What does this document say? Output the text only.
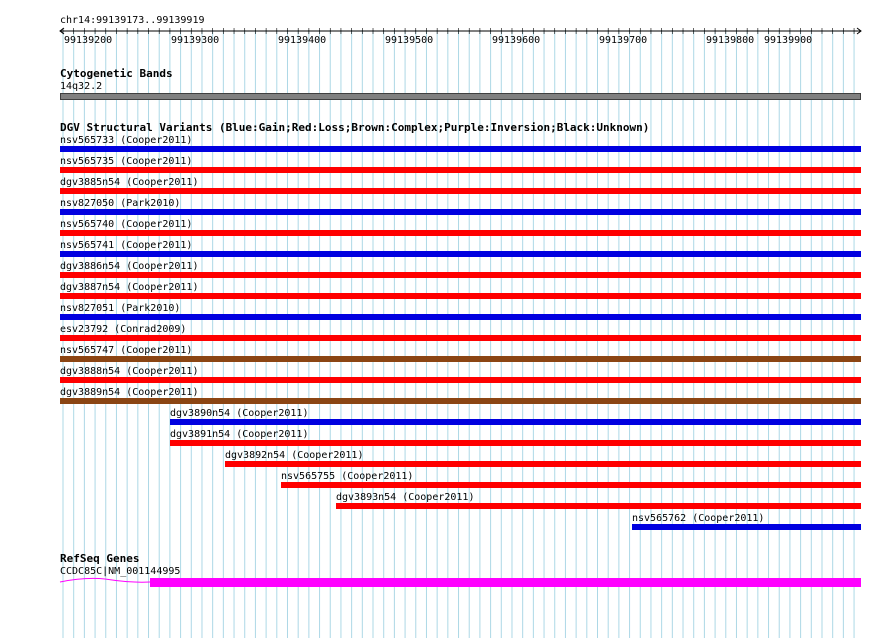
chr14:99139173..99139919
99139200	99139300	99139400	99139500	99139600	99139700	99139800 99139900
Cytogenetic Bands
14q32.2
DGV Structural Variants (Blue:Gain;Red:Loss;Brown:Complex;Purple:Inversion;Black:Unknown)
nsv565733 (Cooper2011)
nsv565735 (Cooper2011)
dgv3885n54 (Cooper2011)
nsv827050 (Park2010)
nsv565740 (Cooper2011)
nsv565741 (Cooper2011)
dgv3886n54 (Cooper2011)
dgv3887n54 (Cooper2011)
nsv827051 (Park2010)
esv23792 (Conrad2009)
nsv565747 (Cooper2011)
dgv3888n54 (Cooper2011)
dgv3889n54 (Cooper2011)
dgv3890n54 (Cooper2011)
dgv3891n54 (Cooper2011)
dgv3892n54 (Cooper2011)
nsv565755 (Cooper2011)
dgv3893n54 (Cooper2011)
nsv565762 (Cooper2011)
RefSeq Genes
CCDC85C|NM_001144995
